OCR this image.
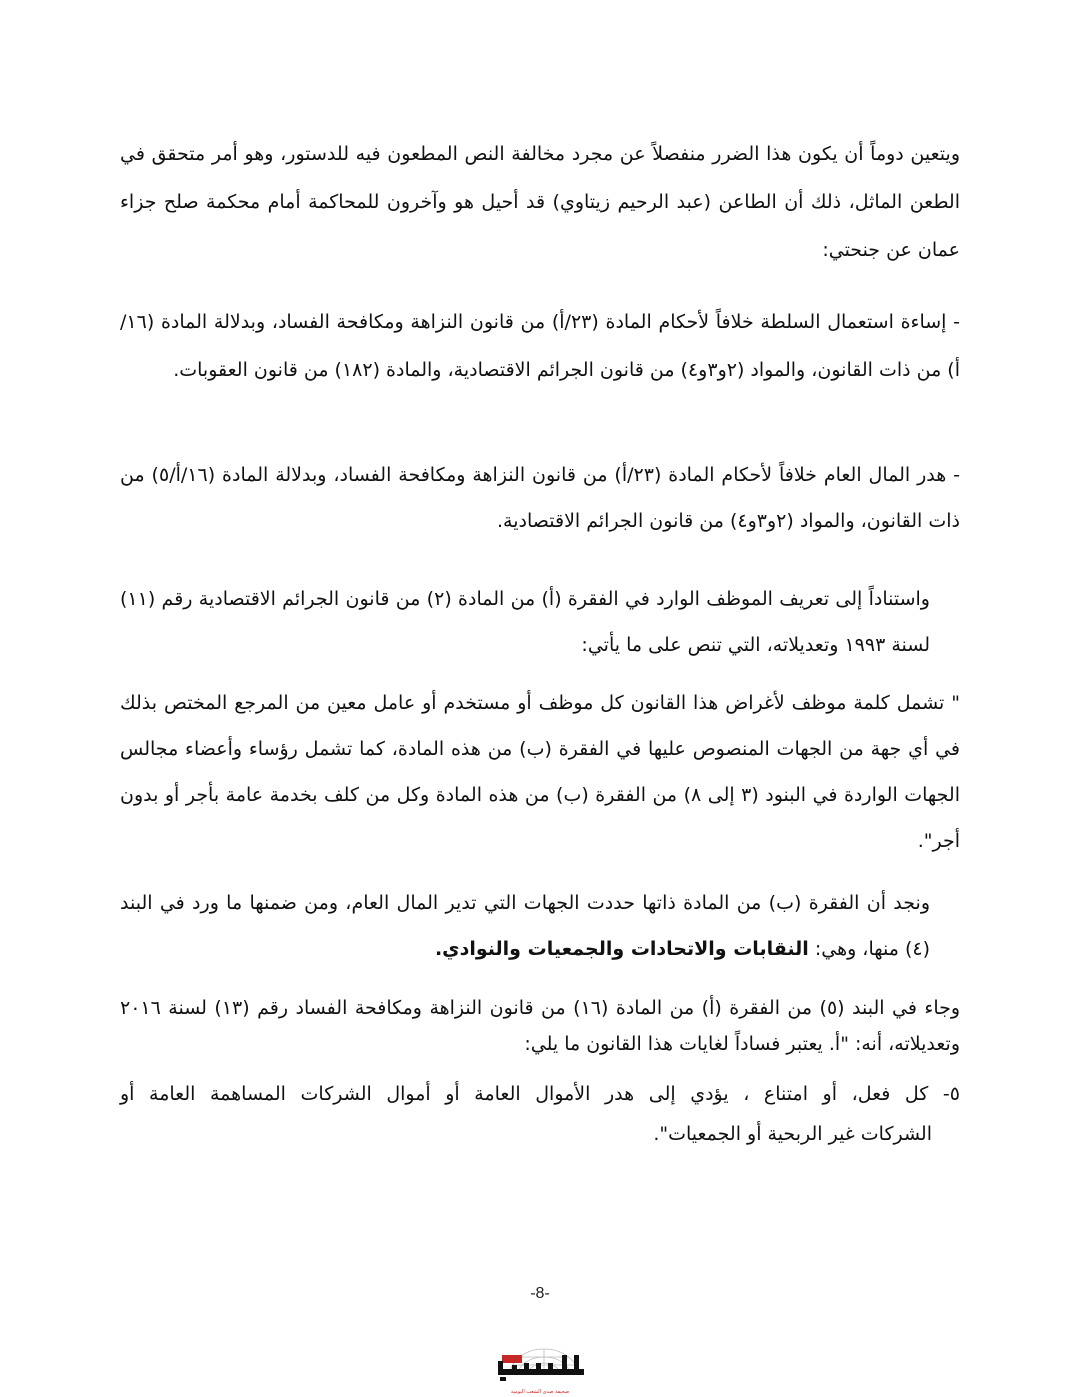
ويتعين دوماً أن يكون هذا الضرر منفصلاً عن مجرد مخالفة النص المطعون فيه للدستور، وهو أمر متحقق في الطعن الماثل، ذلك أن الطاعن (عبد الرحيم زيتاوي) قد أحيل هو وآخرون للمحاكمة أمام محكمة صلح جزاء عمان عن جنحتي:

- إساءة استعمال السلطة خلافاً لأحكام المادة (٢٣/أ) من قانون النزاهة ومكافحة الفساد، وبدلالة المادة (١٦/أ) من ذات القانون، والمواد (٢و٣و٤) من قانون الجرائم الاقتصادية، والمادة (١٨٢) من قانون العقوبات.

- هدر المال العام خلافاً لأحكام المادة (٢٣/أ) من قانون النزاهة ومكافحة الفساد، وبدلالة المادة (١٦/أ/٥) من ذات القانون، والمواد (٢و٣و٤) من قانون الجرائم الاقتصادية.

واستناداً إلى تعريف الموظف الوارد في الفقرة (أ) من المادة (٢) من قانون الجرائم الاقتصادية رقم (١١) لسنة ١٩٩٣ وتعديلاته، التي تنص على ما يأتي:

" تشمل كلمة موظف لأغراض هذا القانون كل موظف أو مستخدم أو عامل معين من المرجع المختص بذلك في أي جهة من الجهات المنصوص عليها في الفقرة (ب) من هذه المادة، كما تشمل رؤساء وأعضاء مجالس الجهات الواردة في البنود (٣ إلى ٨) من الفقرة (ب) من هذه المادة وكل من كلف بخدمة عامة بأجر أو بدون أجر".

ونجد أن الفقرة (ب) من المادة ذاتها حددت الجهات التي تدير المال العام، ومن ضمنها ما ورد في البند (٤) منها، وهي: النقابات والاتحادات والجمعيات والنوادي.

وجاء في البند (٥) من الفقرة (أ) من المادة (١٦) من قانون النزاهة ومكافحة الفساد رقم (١٣) لسنة ٢٠١٦ وتعديلاته، أنه: "أ. يعتبر فساداً لغايات هذا القانون ما يلي:

٥- كل فعل، أو امتناع ، يؤدي إلى هدر الأموال العامة أو أموال الشركات المساهمة العامة أو
الشركات غير الربحية أو الجمعيات".
-8-
صحيفة صدى الشعب اليومية
